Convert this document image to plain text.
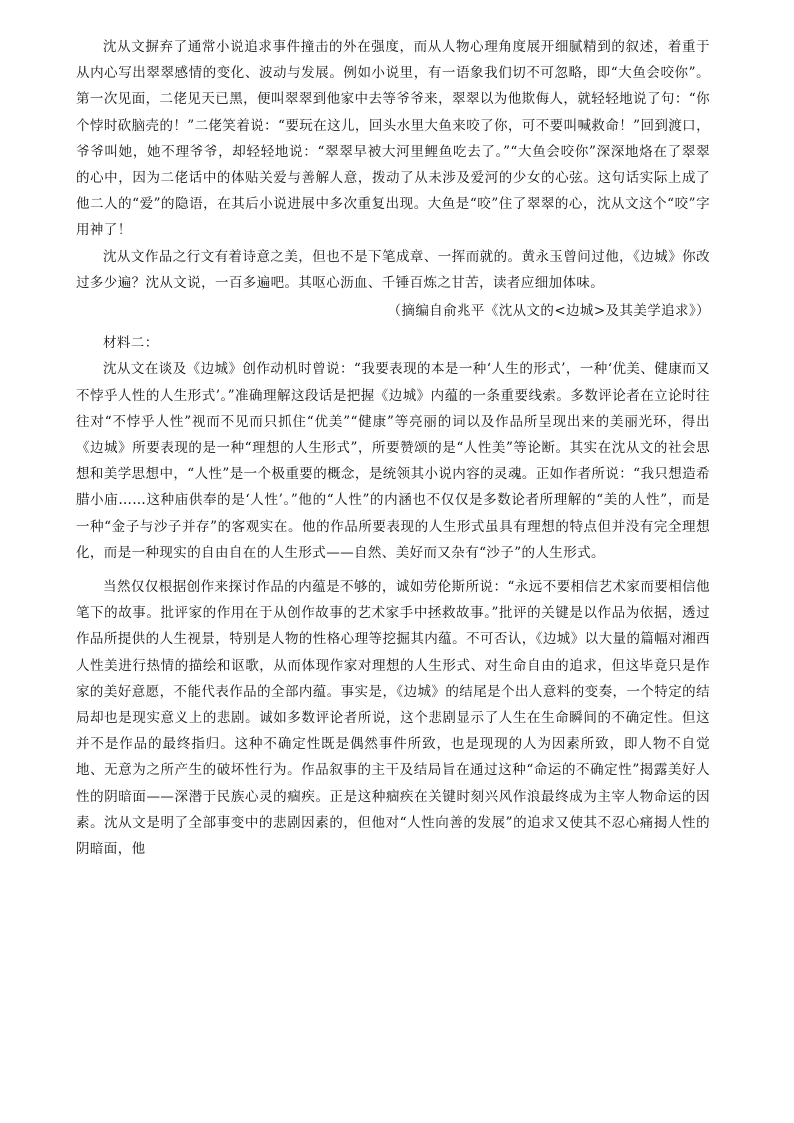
沈从文摒弃了通常小说追求事件撞击的外在强度，而从人物心理角度展开细腻精到的叙述，着重于从内心写出翠翠感情的变化、波动与发展。例如小说里，有一语象我们切不可忽略，即“大鱼会咬你”。第一次见面，二佬见天已黑，便叫翠翠到他家中去等爷爷来，翠翠以为他欺侮人，就轻轻地说了句：“你个悖时砍脑壳的！”二佬笑着说：“要玩在这儿，回头水里大鱼来咬了你，可不要叫喊救命！”回到渡口，爷爷叫她，她不理爷爷，却轻轻地说：“翠翠早被大河里鲤鱼吃去了。”“大鱼会咬你”深深地烙在了翠翠的心中，因为二佬话中的体贴关爱与善解人意，拨动了从未涉及爱河的少女的心弦。这句话实际上成了他二人的“爱”的隐语，在其后小说进展中多次重复出现。大鱼是“咬”住了翠翠的心，沈从文这个“咬”字用神了！

沈从文作品之行文有着诗意之美，但也不是下笔成章、一挥而就的。黄永玉曾问过他，《边城》你改过多少遍？沈从文说，一百多遍吧。其呕心沥血、千锤百炼之甘苦，读者应细加体味。

（摘编自俞兆平《沈从文的<边城>及其美学追求》）

材料二：

沈从文在谈及《边城》创作动机时曾说：“我要表现的本是一种‘人生的形式’，一种‘优美、健康而又不悖乎人性的人生形式’。”准确理解这段话是把握《边城》内蕴的一条重要线索。多数评论者在立论时往往对“不悖乎人性”视而不见而只抓住“优美”“健康”等亮丽的词以及作品所呈现出来的美丽光环，得出《边城》所要表现的是一种“理想的人生形式”，所要赞颂的是“人性美”等论断。其实在沈从文的社会思想和美学思想中，“人性”是一个极重要的概念，是统领其小说内容的灵魂。正如作者所说：“我只想造希腊小庙……这种庙供奉的是‘人性’。”他的“人性”的内涵也不仅仅是多数论者所理解的“美的人性”，而是一种“金子与沙子并存”的客观实在。他的作品所要表现的人生形式虽具有理想的特点但并没有完全理想化，而是一种现实的自由自在的人生形式——自然、美好而又杂有“沙子”的人生形式。

当然仅仅根据创作来探讨作品的内蕴是不够的，诚如劳伦斯所说：“永远不要相信艺术家而要相信他笔下的故事。批评家的作用在于从创作故事的艺术家手中拯救故事。”批评的关键是以作品为依据，透过作品所提供的人生视景，特别是人物的性格心理等挖掘其内蕴。不可否认，《边城》以大量的篇幅对湘西人性美进行热情的描绘和讴歌，从而体现作家对理想的人生形式、对生命自由的追求，但这毕竟只是作家的美好意愿，不能代表作品的全部内蕴。事实是，《边城》的结尾是个出人意料的变奏，一个特定的结局却也是现实意义上的悲剧。诚如多数评论者所说，这个悲剧显示了人生在生命瞬间的不确定性。但这并不是作品的最终指归。这种不确定性既是偶然事件所致，也是现现的人为因素所致，即人物不自觉地、无意为之所产生的破坏性行为。作品叙事的主干及结局旨在通过这种“命运的不确定性”揭露美好人性的阴暗面——深潜于民族心灵的痼疾。正是这种痼疾在关键时刻兴风作浪最终成为主宰人物命运的因素。沈从文是明了全部事变中的悲剧因素的，但他对“人性向善的发展”的追求又使其不忍心痛揭人性的阴暗面，他
